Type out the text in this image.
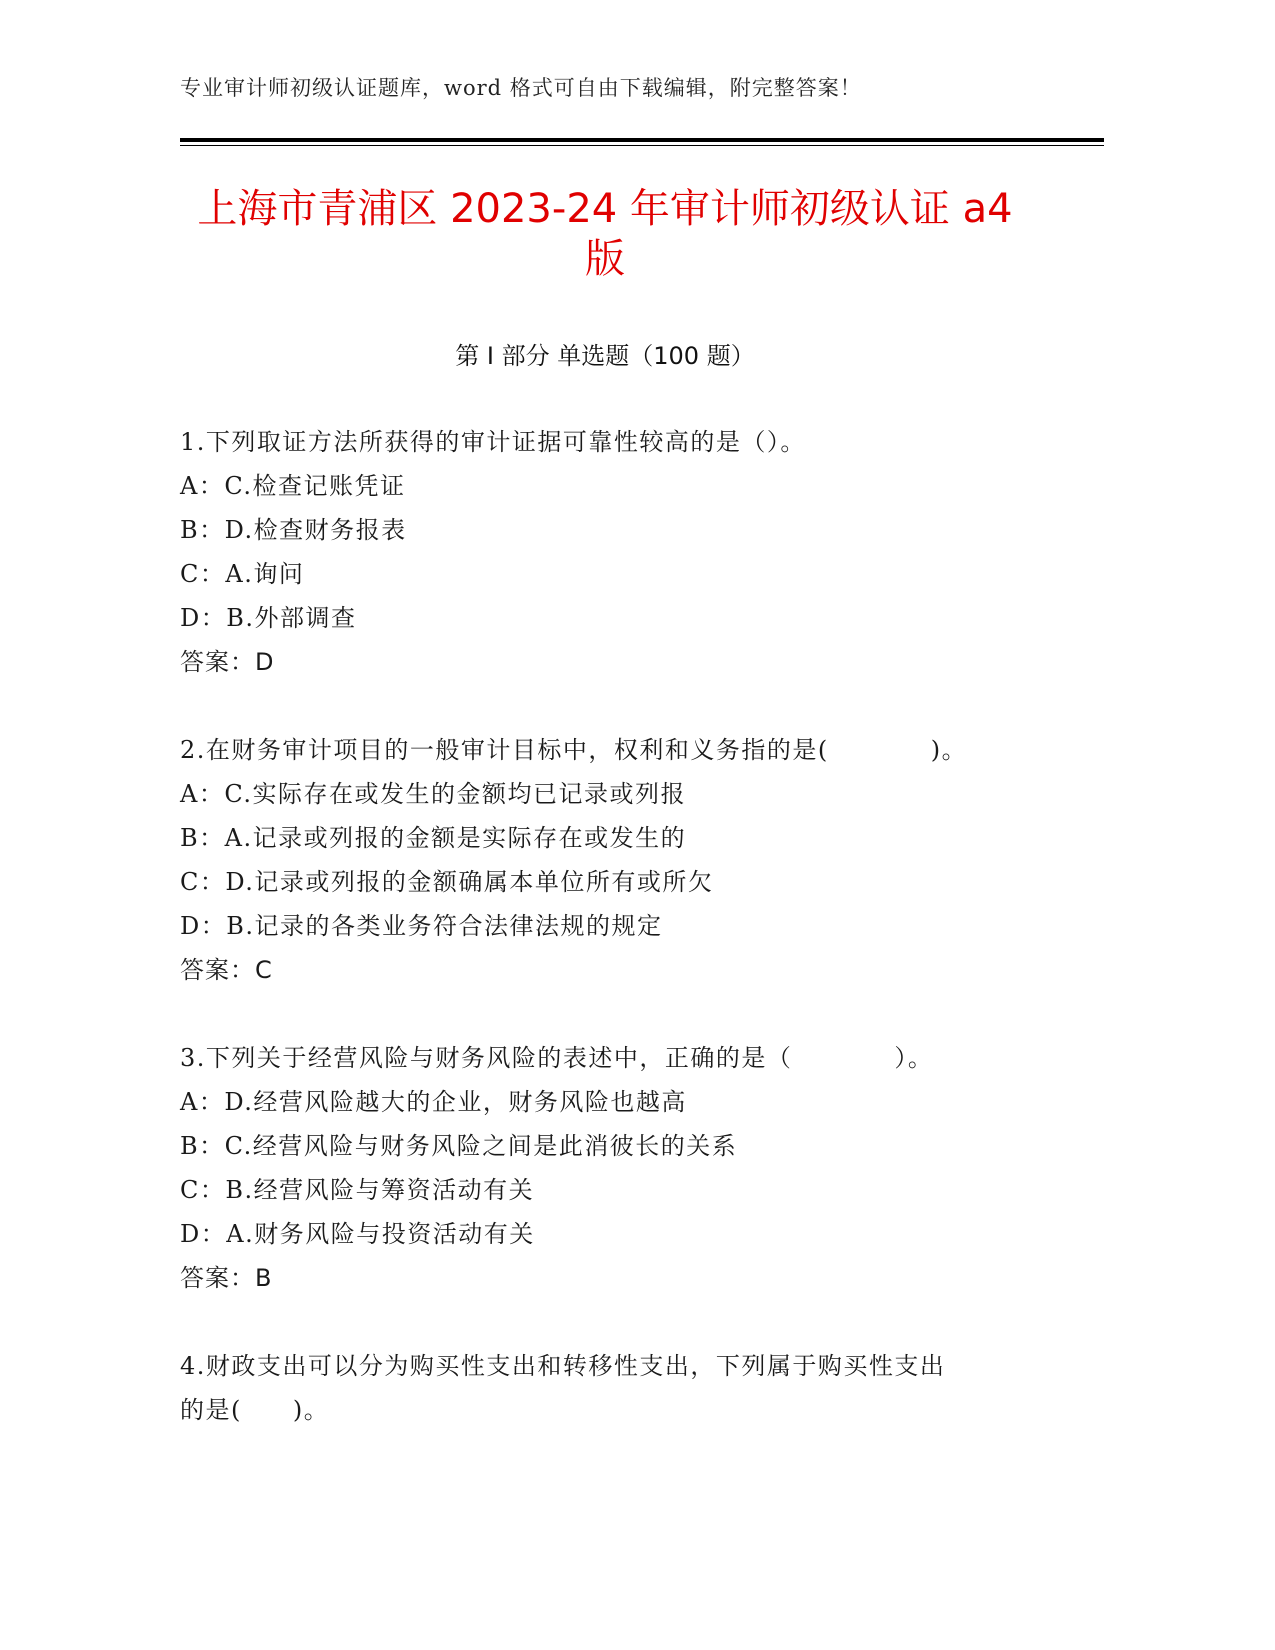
专业审计师初级认证题库，word 格式可自由下载编辑，附完整答案！
上海市青浦区 2023-24 年审计师初级认证 a4
版
第 I 部分 单选题（100 题）
1.下列取证方法所获得的审计证据可靠性较高的是（）。
A：C.检查记账凭证
B：D.检查财务报表
C：A.询问
D：B.外部调查
答案：D
2.在财务审计项目的一般审计目标中，权利和义务指的是(　　　　)。
A：C.实际存在或发生的金额均已记录或列报
B：A.记录或列报的金额是实际存在或发生的
C：D.记录或列报的金额确属本单位所有或所欠
D：B.记录的各类业务符合法律法规的规定
答案：C
3.下列关于经营风险与财务风险的表述中，正确的是（　　　　）。
A：D.经营风险越大的企业，财务风险也越高
B：C.经营风险与财务风险之间是此消彼长的关系
C：B.经营风险与筹资活动有关
D：A.财务风险与投资活动有关
答案：B
4.财政支出可以分为购买性支出和转移性支出，下列属于购买性支出
的是(　　)。
